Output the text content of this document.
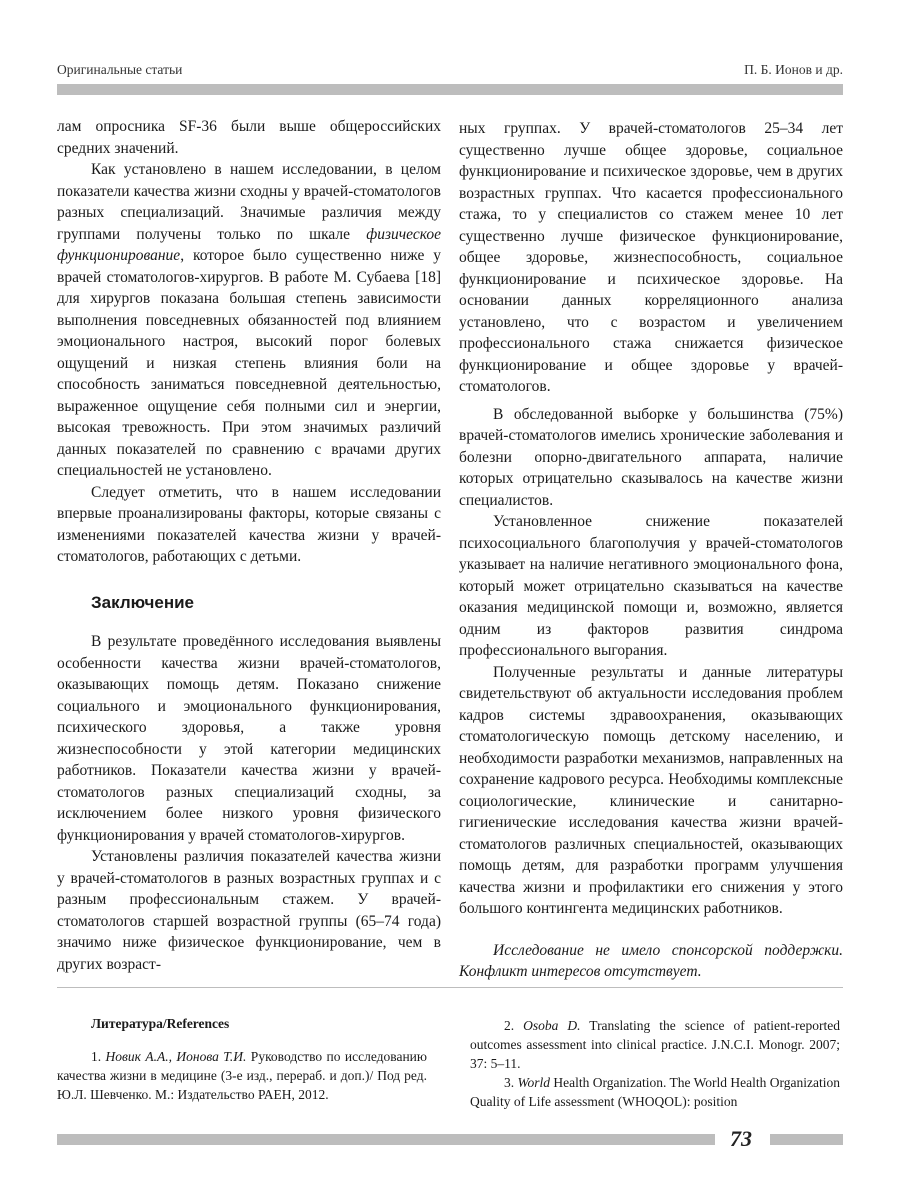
Оригинальные статьи	П. Б. Ионов и др.

лам опросника SF-36 были выше общероссийских средних значений.

Как установлено в нашем исследовании, в целом показатели качества жизни сходны у врачей-стоматологов разных специализаций. Значимые различия между группами получены только по шкале физическое функционирование, которое было существенно ниже у врачей стоматологов-хирургов. В работе М. Субаева [18] для хирургов показана большая степень зависимости выполнения повседневных обязанностей под влиянием эмоционального настроя, высокий порог болевых ощущений и низкая степень влияния боли на способность заниматься повседневной деятельностью, выраженное ощущение себя полными сил и энергии, высокая тревожность. При этом значимых различий данных показателей по сравнению с врачами других специальностей не установлено.

Следует отметить, что в нашем исследовании впервые проанализированы факторы, которые связаны с изменениями показателей качества жизни у врачей-стоматологов, работающих с детьми.

Заключение

В результате проведённого исследования выявлены особенности качества жизни врачей-стоматологов, оказывающих помощь детям. Показано снижение социального и эмоционального функционирования, психического здоровья, а также уровня жизнеспособности у этой категории медицинских работников. Показатели качества жизни у врачей-стоматологов разных специализаций сходны, за исключением более низкого уровня физического функционирования у врачей стоматологов-хирургов.

Установлены различия показателей качества жизни у врачей-стоматологов в разных возрастных группах и с разным профессиональным стажем. У врачей-стоматологов старшей возрастной группы (65–74 года) значимо ниже физическое функционирование, чем в других возраст-

ных группах. У врачей-стоматологов 25–34 лет существенно лучше общее здоровье, социальное функционирование и психическое здоровье, чем в других возрастных группах. Что касается профессионального стажа, то у специалистов со стажем менее 10 лет существенно лучше физическое функционирование, общее здоровье, жизнеспособность, социальное функционирование и психическое здоровье. На основании данных корреляционного анализа установлено, что с возрастом и увеличением профессионального стажа снижается физическое функционирование и общее здоровье у врачей-стоматологов.

В обследованной выборке у большинства (75%) врачей-стоматологов имелись хронические заболевания и болезни опорно-двигательного аппарата, наличие которых отрицательно сказывалось на качестве жизни специалистов.

Установленное снижение показателей психосоциального благополучия у врачей-стоматологов указывает на наличие негативного эмоционального фона, который может отрицательно сказываться на качестве оказания медицинской помощи и, возможно, является одним из факторов развития синдрома профессионального выгорания.

Полученные результаты и данные литературы свидетельствуют об актуальности исследования проблем кадров системы здравоохранения, оказывающих стоматологическую помощь детскому населению, и необходимости разработки механизмов, направленных на сохранение кадрового ресурса. Необходимы комплексные социологические, клинические и санитарно-гигиенические исследования качества жизни врачей-стоматологов различных специальностей, оказывающих помощь детям, для разработки программ улучшения качества жизни и профилактики его снижения у этого большого контингента медицинских работников.

Исследование не имело спонсорской поддержки. Конфликт интересов отсутствует.

Литература/References

1. Новик А.А., Ионова Т.И. Руководство по исследованию качества жизни в медицине (3-е изд., перераб. и доп.)/ Под ред. Ю.Л. Шевченко. М.: Издательство РАЕН, 2012.

2. Osoba D. Translating the science of patient-reported outcomes assessment into clinical practice. J.N.C.I. Monogr. 2007; 37: 5–11.

3. World Health Organization. The World Health Organization Quality of Life assessment (WHOQOL): position

73
